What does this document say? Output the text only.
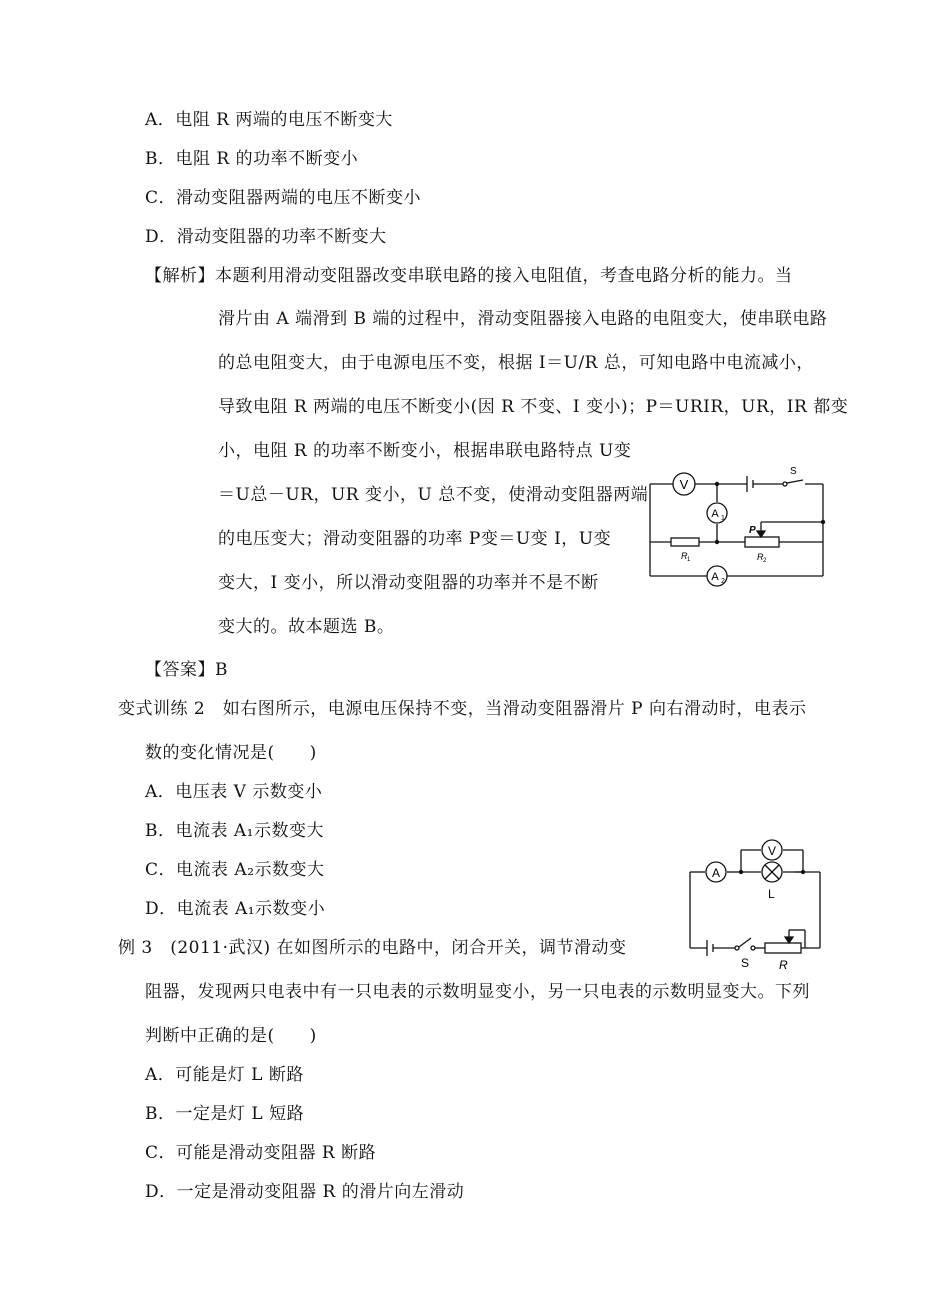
A．电阻 R 两端的电压不断变大
B．电阻 R 的功率不断变小
C．滑动变阻器两端的电压不断变小
D．滑动变阻器的功率不断变大
【解析】本题利用滑动变阻器改变串联电路的接入电阻值，考查电路分析的能力。当
滑片由 A 端滑到 B 端的过程中，滑动变阻器接入电路的电阻变大，使串联电路
的总电阻变大，由于电源电压不变，根据 I＝U/R 总，可知电路中电流减小，
导致电阻 R 两端的电压不断变小(因 R 不变、I 变小)；P＝URIR，UR，IR 都变
小，电阻 R 的功率不断变小，根据串联电路特点 U变
＝U总－UR，UR 变小，U 总不变，使滑动变阻器两端
的电压变大；滑动变阻器的功率 P变＝U变 I，U变
变大，I 变小，所以滑动变阻器的功率并不是不断
变大的。故本题选 B。
V
A 1
A 2
S
P
R 1	R 2
【答案】B
变式训练 2　如右图所示，电源电压保持不变，当滑动变阻器滑片 P 向右滑动时，电表示
数的变化情况是(　　)
A．电压表 V 示数变小
B．电流表 A₁示数变大
C．电流表 A₂示数变大
D．电流表 A₁示数变小
A
V
L
S R
例 3　(2011·武汉) 在如图所示的电路中，闭合开关，调节滑动变
阻器，发现两只电表中有一只电表的示数明显变小，另一只电表的示数明显变大。下列
判断中正确的是(　　)
A．可能是灯 L 断路
B．一定是灯 L 短路
C．可能是滑动变阻器 R 断路
D．一定是滑动变阻器 R 的滑片向左滑动
